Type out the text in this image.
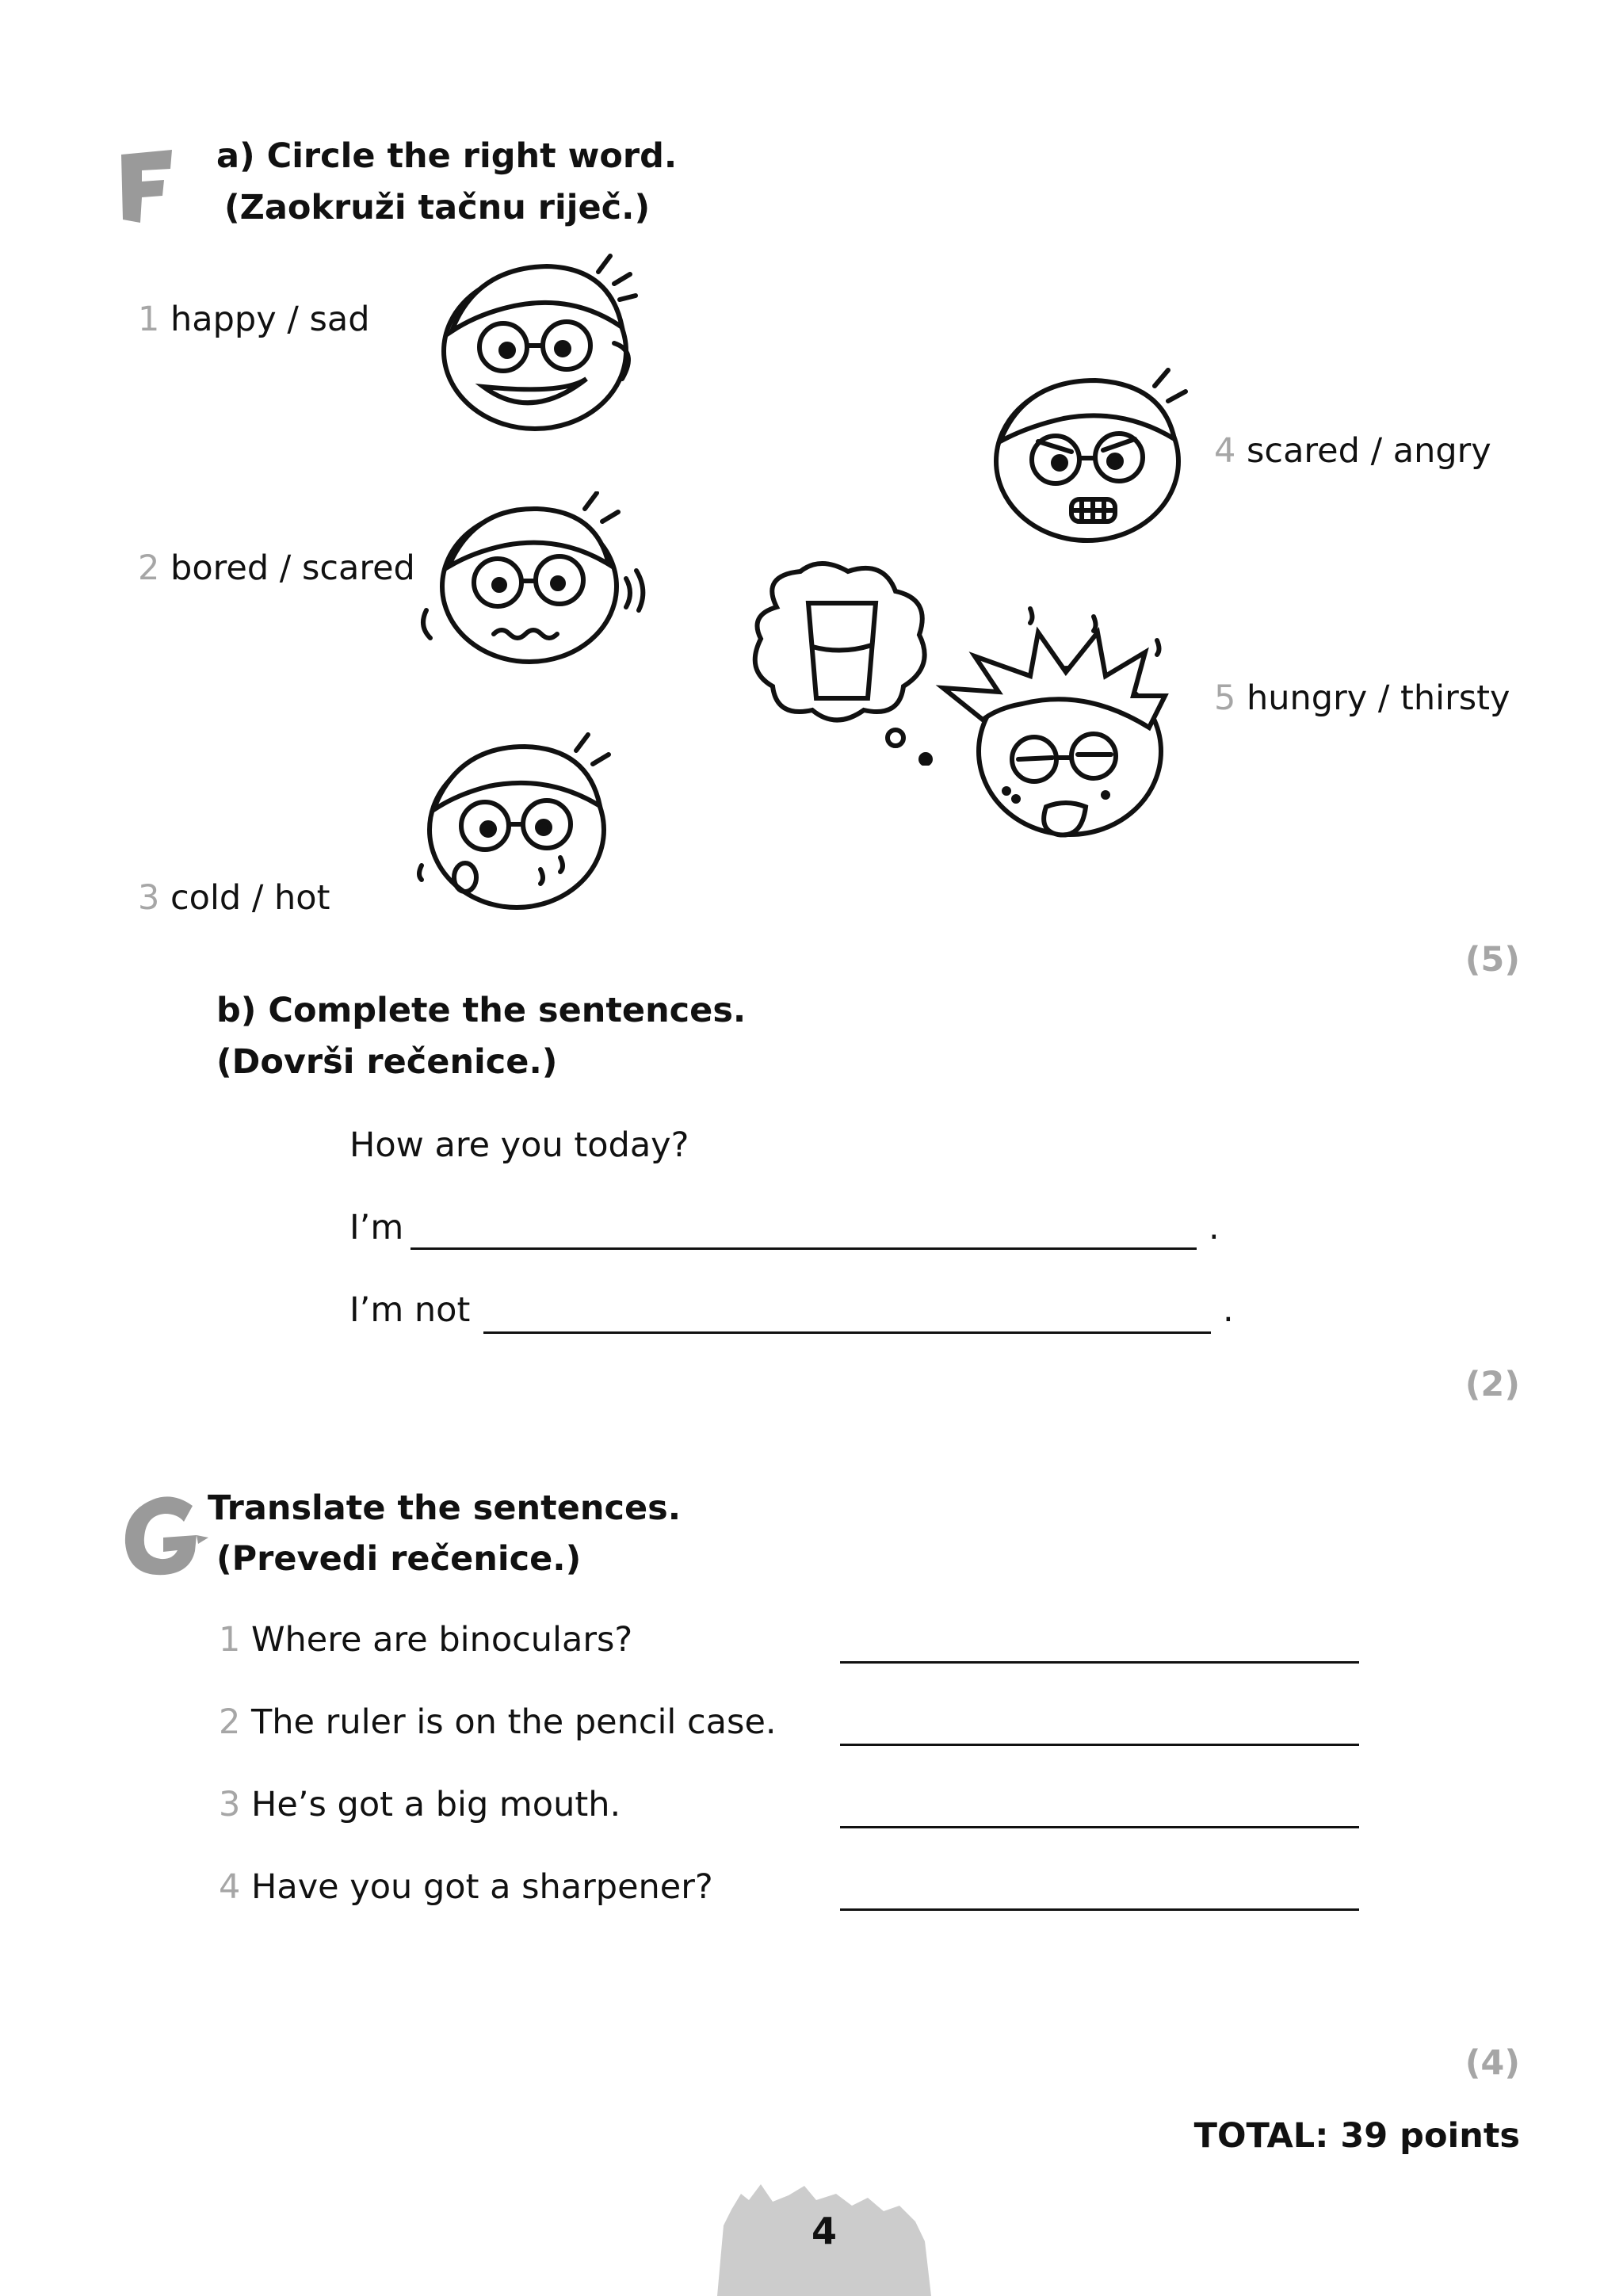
a) Circle the right word.
(Zaokruži tačnu riječ.)
1 happy / sad
2 bored / scared
3 cold / hot
4 scared / angry
5 hungry / thirsty
(5)
b) Complete the sentences.
(Dovrši rečenice.)
How are you today?
I’m	.
I’m not	.
(2)
Translate the sentences.
(Prevedi rečenice.)
1 Where are binoculars?
2 The ruler is on the pencil case.
3 He’s got a big mouth.
4 Have you got a sharpener?
(4)
TOTAL: 39 points
4
